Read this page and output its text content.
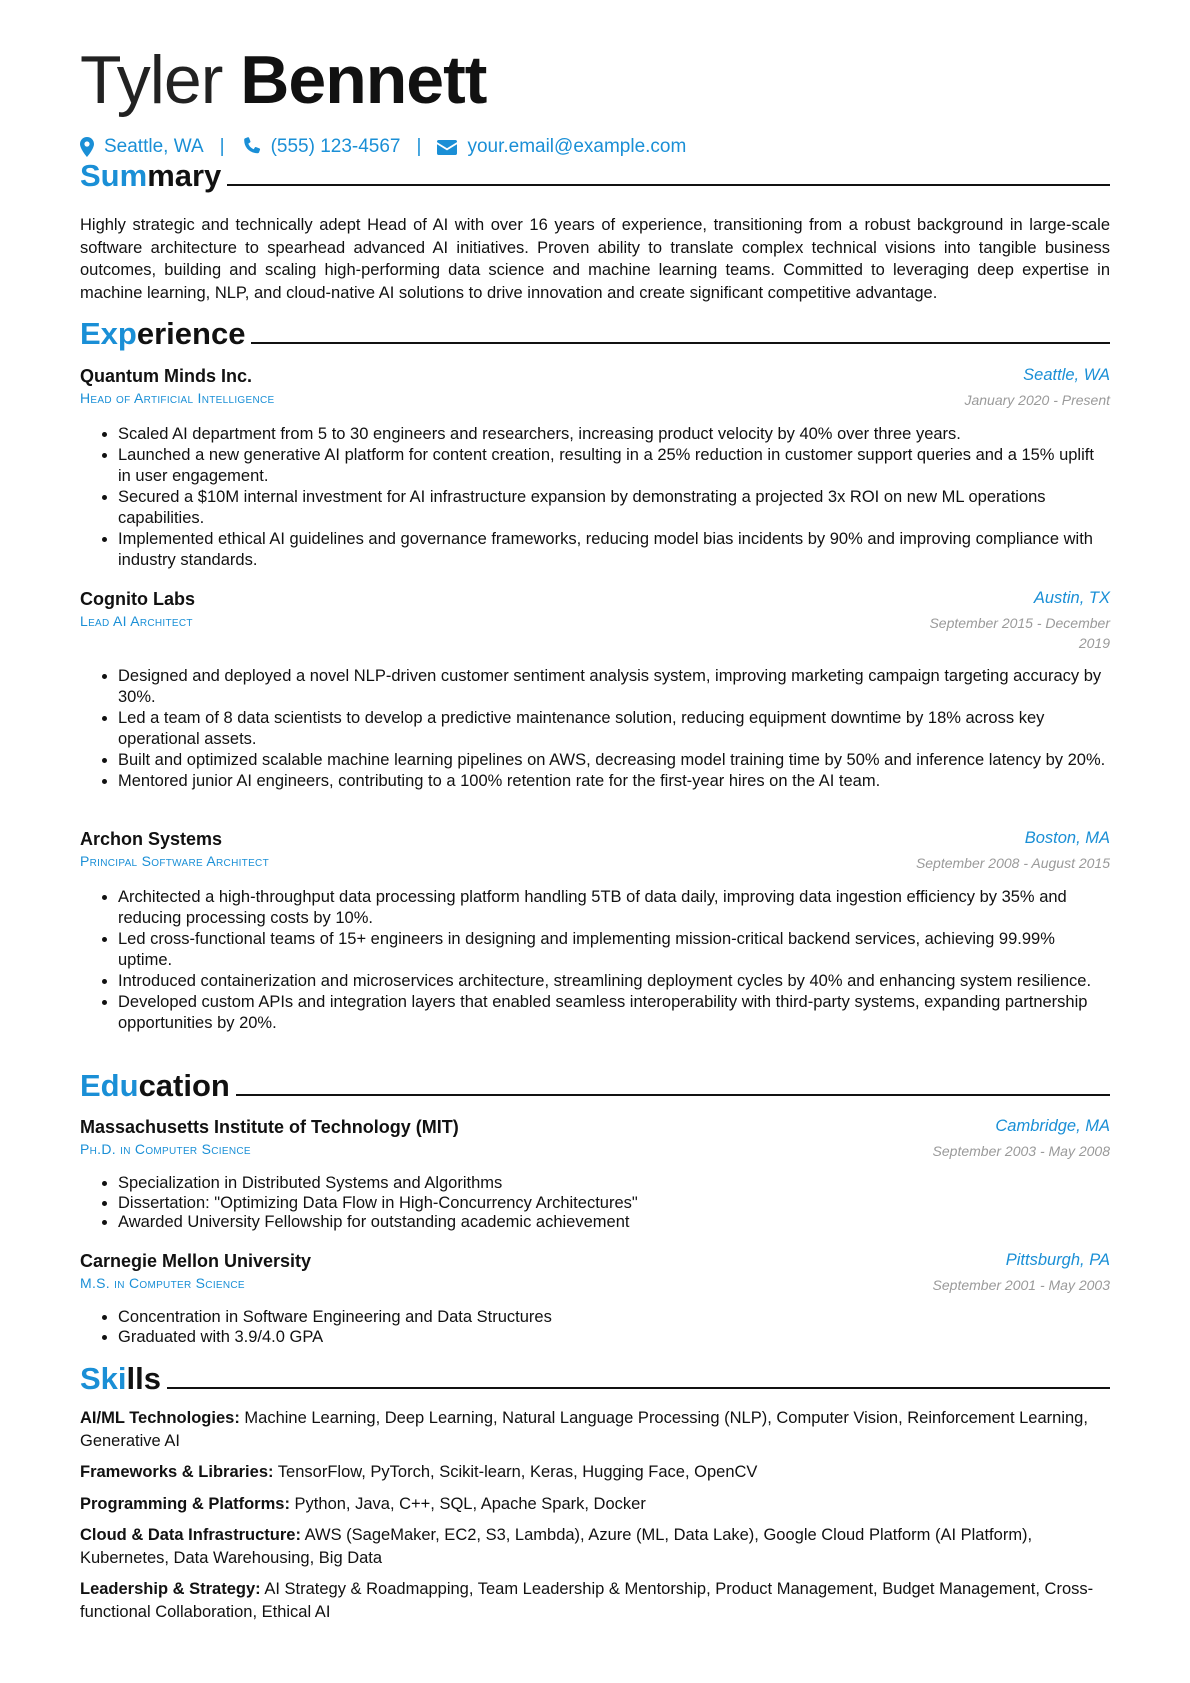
Tyler Bennett
Seattle, WA | (555) 123-4567 | your.email@example.com
Summary
Highly strategic and technically adept Head of AI with over 16 years of experience, transitioning from a robust background in large-scale software architecture to spearhead advanced AI initiatives. Proven ability to translate complex technical visions into tangible business outcomes, building and scaling high-performing data science and machine learning teams. Committed to leveraging deep expertise in machine learning, NLP, and cloud-native AI solutions to drive innovation and create significant competitive advantage.
Experience
Quantum Minds Inc.	Seattle, WA
Head of Artificial Intelligence	January 2020 - Present
• Scaled AI department from 5 to 30 engineers and researchers, increasing product velocity by 40% over three years.
• Launched a new generative AI platform for content creation, resulting in a 25% reduction in customer support queries and a 15% uplift in user engagement.
• Secured a $10M internal investment for AI infrastructure expansion by demonstrating a projected 3x ROI on new ML operations capabilities.
• Implemented ethical AI guidelines and governance frameworks, reducing model bias incidents by 90% and improving compliance with industry standards.
Cognito Labs	Austin, TX
Lead AI Architect	September 2015 - December 2019
• Designed and deployed a novel NLP-driven customer sentiment analysis system, improving marketing campaign targeting accuracy by 30%.
• Led a team of 8 data scientists to develop a predictive maintenance solution, reducing equipment downtime by 18% across key operational assets.
• Built and optimized scalable machine learning pipelines on AWS, decreasing model training time by 50% and inference latency by 20%.
• Mentored junior AI engineers, contributing to a 100% retention rate for the first-year hires on the AI team.
Archon Systems	Boston, MA
Principal Software Architect	September 2008 - August 2015
• Architected a high-throughput data processing platform handling 5TB of data daily, improving data ingestion efficiency by 35% and reducing processing costs by 10%.
• Led cross-functional teams of 15+ engineers in designing and implementing mission-critical backend services, achieving 99.99% uptime.
• Introduced containerization and microservices architecture, streamlining deployment cycles by 40% and enhancing system resilience.
• Developed custom APIs and integration layers that enabled seamless interoperability with third-party systems, expanding partnership opportunities by 20%.
Education
Massachusetts Institute of Technology (MIT)	Cambridge, MA
Ph.D. in Computer Science	September 2003 - May 2008
• Specialization in Distributed Systems and Algorithms
• Dissertation: "Optimizing Data Flow in High-Concurrency Architectures"
• Awarded University Fellowship for outstanding academic achievement
Carnegie Mellon University	Pittsburgh, PA
M.S. in Computer Science	September 2001 - May 2003
• Concentration in Software Engineering and Data Structures
• Graduated with 3.9/4.0 GPA
Skills
AI/ML Technologies: Machine Learning, Deep Learning, Natural Language Processing (NLP), Computer Vision, Reinforcement Learning, Generative AI
Frameworks & Libraries: TensorFlow, PyTorch, Scikit-learn, Keras, Hugging Face, OpenCV
Programming & Platforms: Python, Java, C++, SQL, Apache Spark, Docker
Cloud & Data Infrastructure: AWS (SageMaker, EC2, S3, Lambda), Azure (ML, Data Lake), Google Cloud Platform (AI Platform), Kubernetes, Data Warehousing, Big Data
Leadership & Strategy: AI Strategy & Roadmapping, Team Leadership & Mentorship, Product Management, Budget Management, Cross-functional Collaboration, Ethical AI
